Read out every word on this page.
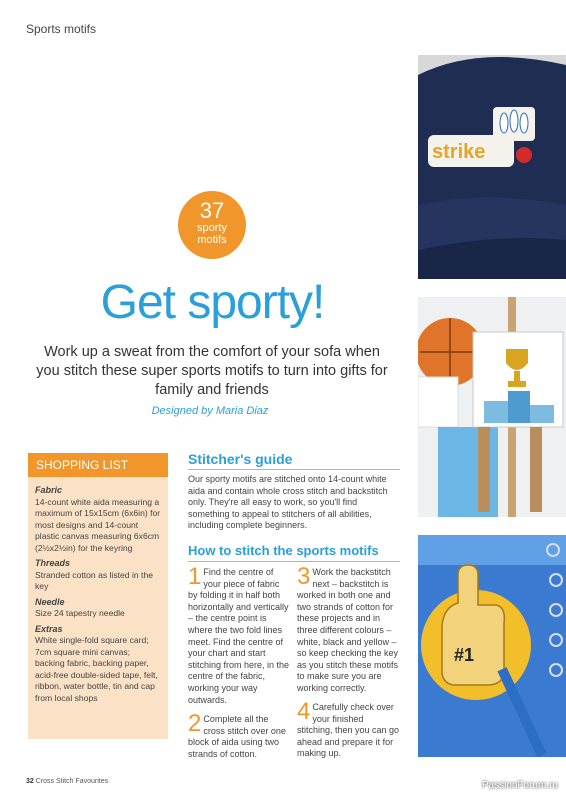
Sports motifs
37
sporty
motifs
Get sporty!
Work up a sweat from the comfort of your sofa when you stitch these super sports motifs to turn into gifts for family and friends
Designed by Maria Diaz
SHOPPING LIST
Fabric
14-count white aida measuring a maximum of 15x15cm (6x6in) for most designs and 14-count plastic canvas measuring 6x6cm (2½x2½in) for the keyring
Threads
Stranded cotton as listed in the key
Needle
Size 24 tapestry needle
Extras
White single-fold square card; 7cm square mini canvas; backing fabric, backing paper, acid-free double-sided tape, felt, ribbon, water bottle, tin and cap from local shops
Stitcher's guide
Our sporty motifs are stitched onto 14-count white aida and contain whole cross stitch and backstitch only. They're all easy to work, so you'll find something to appeal to stitchers of all abilities, including complete beginners.
How to stitch the sports motifs
1 Find the centre of your piece of fabric by folding it in half both horizontally and vertically – the centre point is where the two fold lines meet. Find the centre of your chart and start stitching from here, in the centre of the fabric, working your way outwards.
2 Complete all the cross stitch over one block of aida using two strands of cotton.
3 Work the backstitch next – backstitch is worked in both one and two strands of cotton for these projects and in three different colours – white, black and yellow – so keep checking the key as you stitch these motifs to make sure you are working correctly.
4 Carefully check over your finished stitching, then you can go ahead and prepare it for making up.
strike
#1
32 Cross Stitch Favourites	PassionForum.ru
